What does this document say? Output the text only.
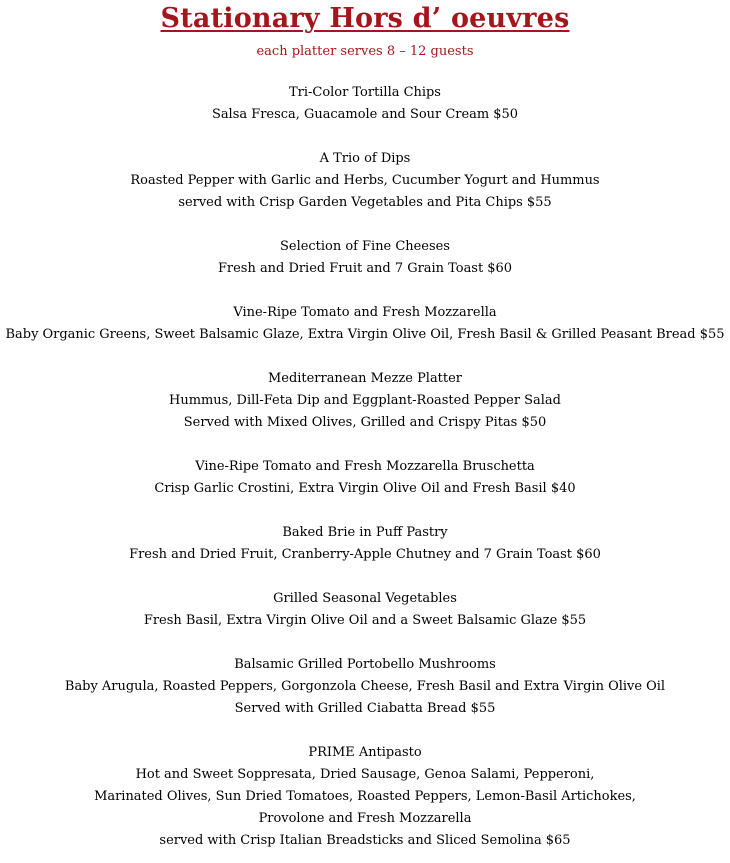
Stationary Hors d’ oeuvres

each platter serves 8 – 12 guests

Tri-Color Tortilla Chips
Salsa Fresca, Guacamole and Sour Cream $50
A Trio of Dips
Roasted Pepper with Garlic and Herbs, Cucumber Yogurt and Hummus
served with Crisp Garden Vegetables and Pita Chips $55
Selection of Fine Cheeses
Fresh and Dried Fruit and 7 Grain Toast $60
Vine-Ripe Tomato and Fresh Mozzarella
Baby Organic Greens, Sweet Balsamic Glaze, Extra Virgin Olive Oil, Fresh Basil & Grilled Peasant Bread $55
Mediterranean Mezze Platter
Hummus, Dill-Feta Dip and Eggplant-Roasted Pepper Salad
Served with Mixed Olives, Grilled and Crispy Pitas $50
Vine-Ripe Tomato and Fresh Mozzarella Bruschetta
Crisp Garlic Crostini, Extra Virgin Olive Oil and Fresh Basil $40
Baked Brie in Puff Pastry
Fresh and Dried Fruit, Cranberry-Apple Chutney and 7 Grain Toast $60
Grilled Seasonal Vegetables
Fresh Basil, Extra Virgin Olive Oil and a Sweet Balsamic Glaze $55
Balsamic Grilled Portobello Mushrooms
Baby Arugula, Roasted Peppers, Gorgonzola Cheese, Fresh Basil and Extra Virgin Olive Oil
Served with Grilled Ciabatta Bread $55
PRIME Antipasto
Hot and Sweet Soppresata, Dried Sausage, Genoa Salami, Pepperoni,
Marinated Olives, Sun Dried Tomatoes, Roasted Peppers, Lemon-Basil Artichokes,
Provolone and Fresh Mozzarella
served with Crisp Italian Breadsticks and Sliced Semolina $65
